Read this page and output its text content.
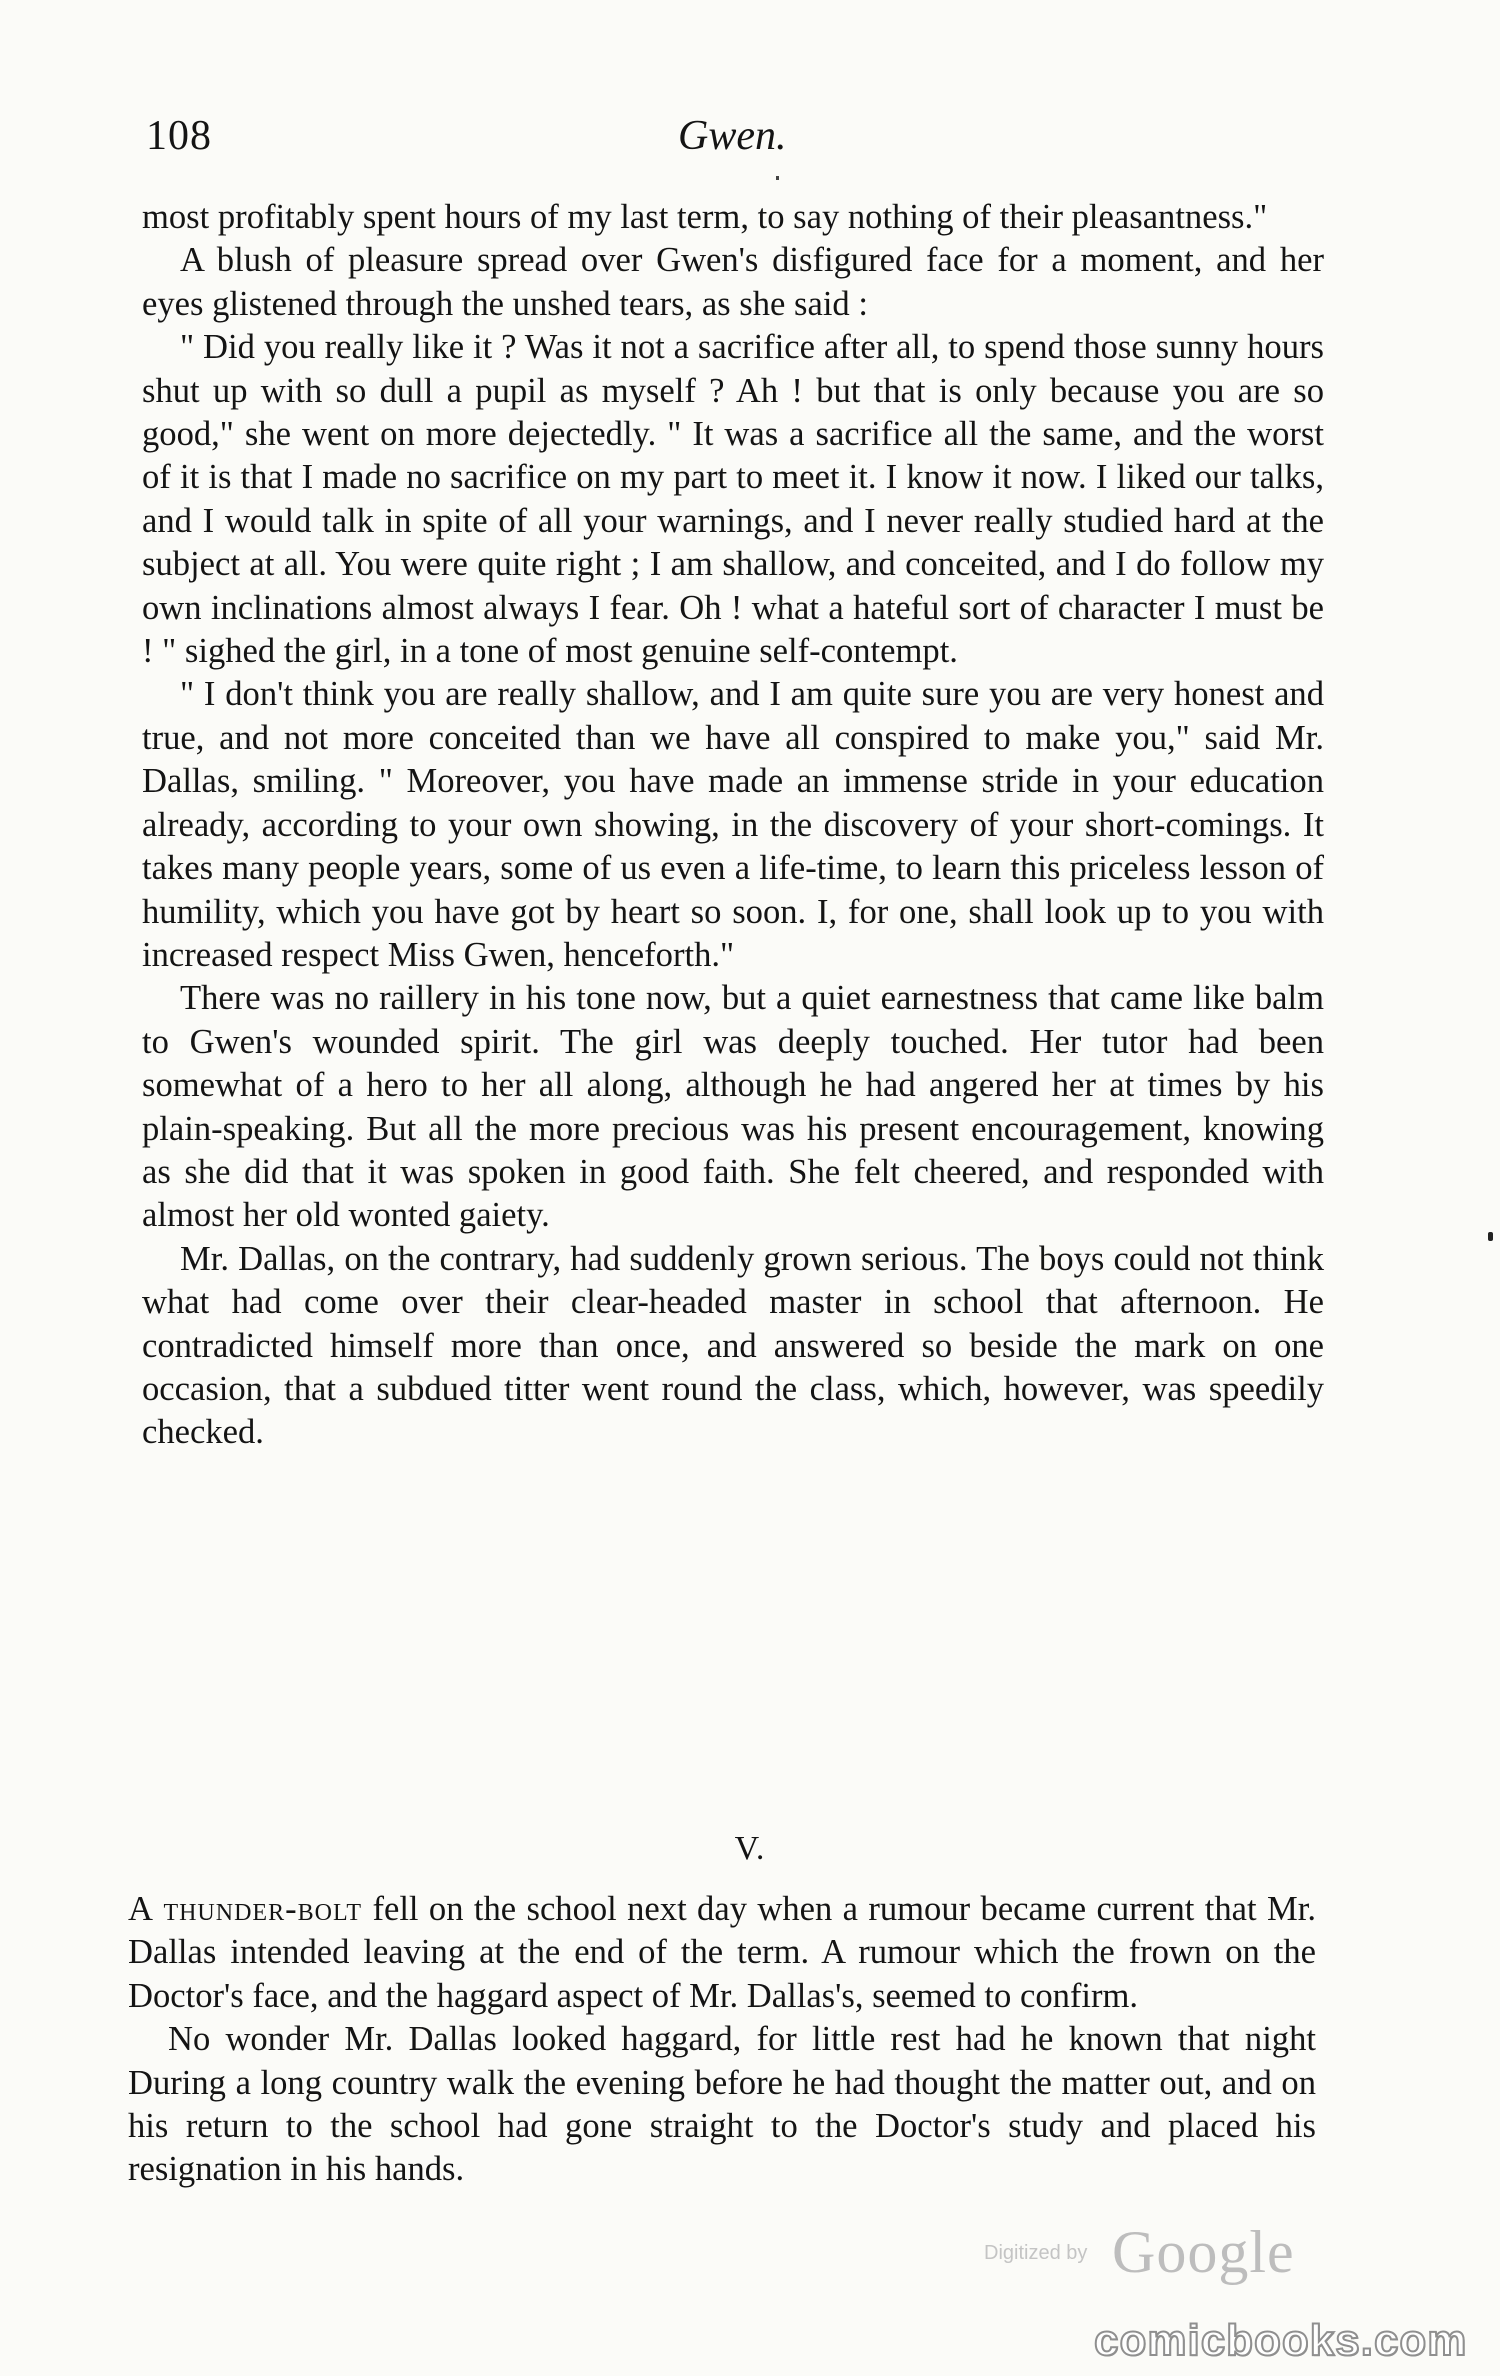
108	Gwen.

most profitably spent hours of my last term, to say nothing of their pleasantness."

A blush of pleasure spread over Gwen's disfigured face for a moment, and her eyes glistened through the unshed tears, as she said :

" Did you really like it ? Was it not a sacrifice after all, to spend those sunny hours shut up with so dull a pupil as myself ? Ah ! but that is only because you are so good," she went on more dejectedly. " It was a sacrifice all the same, and the worst of it is that I made no sacrifice on my part to meet it. I know it now. I liked our talks, and I would talk in spite of all your warnings, and I never really studied hard at the subject at all. You were quite right ; I am shallow, and conceited, and I do follow my own inclinations almost always I fear. Oh ! what a hateful sort of character I must be ! " sighed the girl, in a tone of most genuine self-contempt.

" I don't think you are really shallow, and I am quite sure you are very honest and true, and not more conceited than we have all conspired to make you," said Mr. Dallas, smiling. " Moreover, you have made an immense stride in your education already, according to your own showing, in the discovery of your short-comings. It takes many people years, some of us even a life-time, to learn this priceless lesson of humility, which you have got by heart so soon. I, for one, shall look up to you with increased respect Miss Gwen, henceforth."

There was no raillery in his tone now, but a quiet earnestness that came like balm to Gwen's wounded spirit. The girl was deeply touched. Her tutor had been somewhat of a hero to her all along, although he had angered her at times by his plain-speaking. But all the more precious was his present encouragement, knowing as she did that it was spoken in good faith. She felt cheered, and responded with almost her old wonted gaiety.

Mr. Dallas, on the contrary, had suddenly grown serious. The boys could not think what had come over their clear-headed master in school that afternoon. He contradicted himself more than once, and answered so beside the mark on one occasion, that a subdued titter went round the class, which, however, was speedily checked.

V.

A thunder-bolt fell on the school next day when a rumour became current that Mr. Dallas intended leaving at the end of the term. A rumour which the frown on the Doctor's face, and the haggard aspect of Mr. Dallas's, seemed to confirm.

No wonder Mr. Dallas looked haggard, for little rest had he known that night During a long country walk the evening before he had thought the matter out, and on his return to the school had gone straight to the Doctor's study and placed his resignation in his hands.

Digitized by Google
comicbooks.com
